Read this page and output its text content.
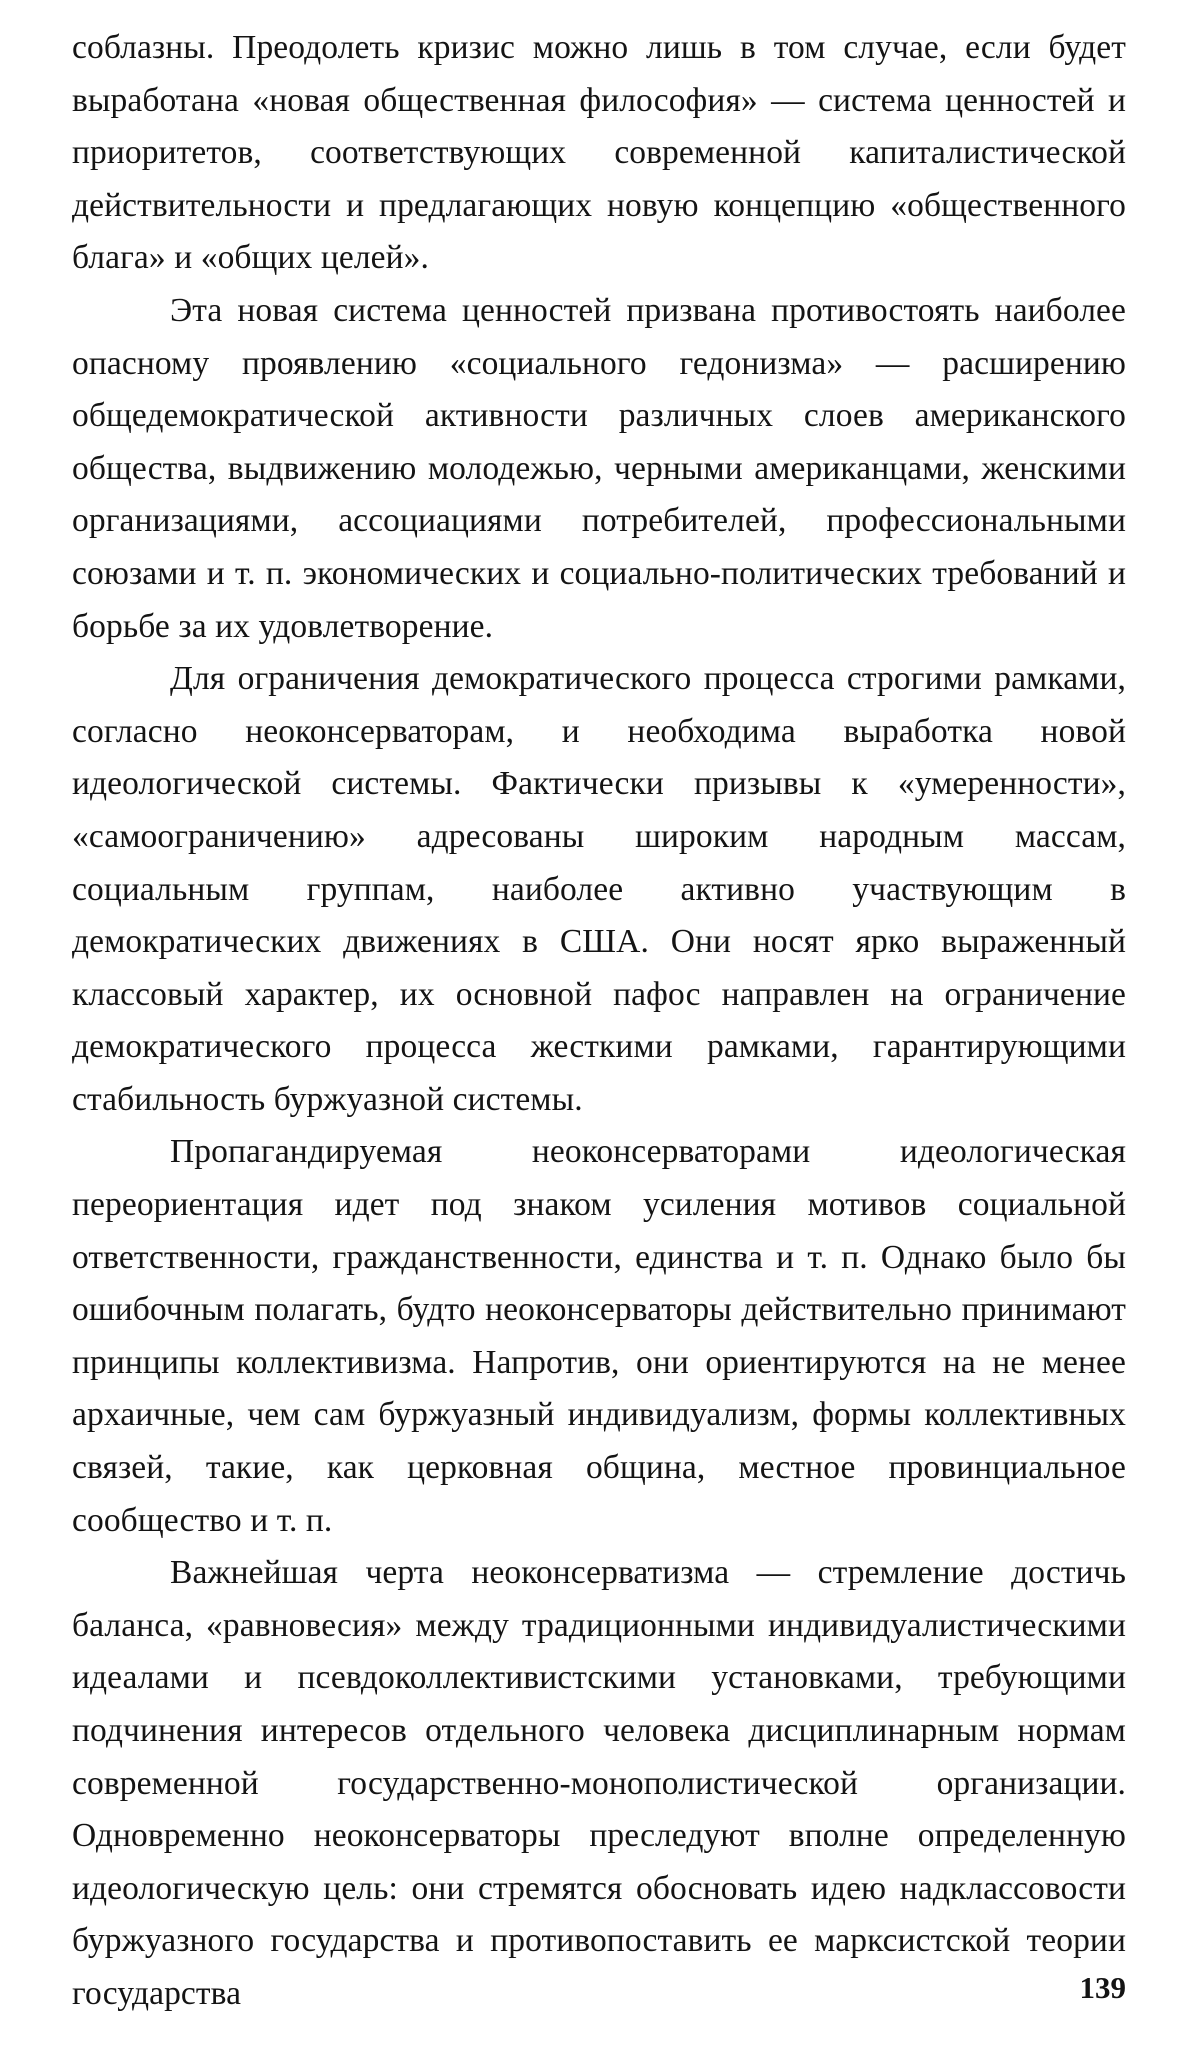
соблазны. Преодолеть кризис можно лишь в том случае, если будет выработана «новая общественная философия» — система ценностей и приоритетов, соответствующих современной капиталистической действительности и предлагающих новую концепцию «общественного блага» и «общих целей».

Эта новая система ценностей призвана противостоять наиболее опасному проявлению «социального гедонизма» — расширению общедемократической активности различных слоев американского общества, выдвижению молодежью, черными американцами, женскими организациями, ассоциациями потребителей, профессиональными союзами и т. п. экономических и социально-политических требований и борьбе за их удовлетворение.

Для ограничения демократического процесса строгими рамками, согласно неоконсерваторам, и необходима выработка новой идеологической системы. Фактически призывы к «умеренности», «самоограничению» адресованы широким народным массам, социальным группам, наиболее активно участвующим в демократических движениях в США. Они носят ярко выраженный классовый характер, их основной пафос направлен на ограничение демократического процесса жесткими рамками, гарантирующими стабильность буржуазной системы.

Пропагандируемая неоконсерваторами идеологическая переориентация идет под знаком усиления мотивов социальной ответственности, гражданственности, единства и т. п. Однако было бы ошибочным полагать, будто неоконсерваторы действительно принимают принципы коллективизма. Напротив, они ориентируются на не менее архаичные, чем сам буржуазный индивидуализм, формы коллективных связей, такие, как церковная община, местное провинциальное сообщество и т. п.

Важнейшая черта неоконсерватизма — стремление достичь баланса, «равновесия» между традиционными индивидуалистическими идеалами и псевдоколлективистскими установками, требующими подчинения интересов отдельного человека дисциплинарным нормам современной государственно-монополистической организации. Одновременно неоконсерваторы преследуют вполне определенную идеологическую цель: они стремятся обосновать идею надклассовости буржуазного государства и противопоставить ее марксистской теории государства	139
